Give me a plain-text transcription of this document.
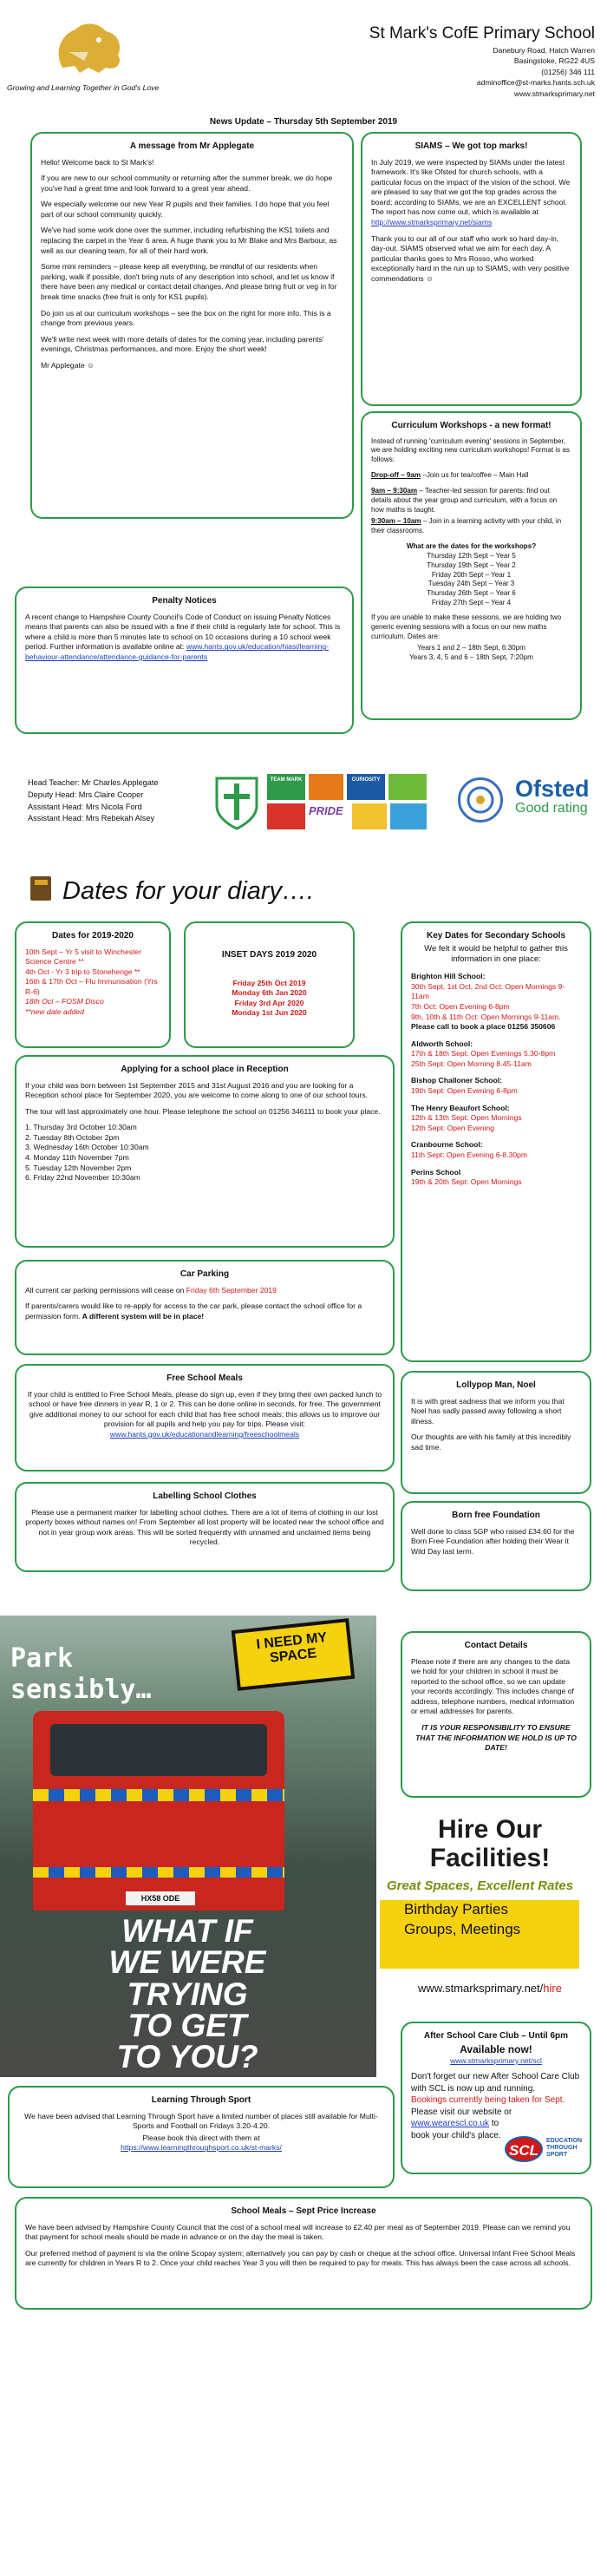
Growing and Learning Together in God's Love
St Mark's CofE Primary School
Danebury Road, Hatch Warren
Basingstoke, RG22 4US
(01256) 346 111
adminoffice@st-marks.hants.sch.uk
www.stmarksprimary.net
News Update – Thursday 5th September 2019
A message from Mr Applegate

Hello! Welcome back to St Mark's!

If you are new to our school community or returning after the summer break, we do hope you've had a great time and look forward to a great year ahead.

We especially welcome our new Year R pupils and their families. I do hope that you feel part of our school community quickly.

We've had some work done over the summer, including refurbishing the KS1 toilets and replacing the carpet in the Year 6 area. A huge thank you to Mr Blake and Mrs Barbour, as well as our cleaning team, for all of their hard work.

Some mini reminders – please keep all everything, be mindful of our residents when parking, walk if possible, don't bring nuts of any description into school, and let us know if there have been any medical or contact detail changes. And please bring fruit or veg in for break time snacks (free fruit is only for KS1 pupils).

Do join us at our curriculum workshops – see the box on the right for more info. This is a change from previous years.

We'll write next week with more details of dates for the coming year, including parents' evenings, Christmas performances, and more. Enjoy the short week!

Mr Applegate ☺

SIAMS – We got top marks!

In July 2019, we were inspected by SIAMs under the latest framework. It's like Ofsted for church schools, with a particular focus on the impact of the vision of the school. We are pleased to say that we got the top grades across the board; according to SIAMs, we are an EXCELLENT school. The report has now come out, which is available at http://www.stmarksprimary.net/siams

Thank you to our all of our staff who work so hard day-in, day-out. SIAMS observed what we aim for each day. A particular thanks goes to Mrs Rosso, who worked exceptionally hard in the run up to SIAMS, with very positive commendations ☺

Curriculum Workshops - a new format!

Instead of running 'curriculum evening' sessions in September, we are holding exciting new curriculum workshops! Format is as follows:

Drop-off – 9am –Join us for tea/coffee – Main Hall

9am – 9:30am – Teacher-led session for parents: find out details about the year group and curriculum, with a focus on how maths is taught.

9:30am – 10am – Join in a learning activity with your child, in their classrooms.

What are the dates for the workshops?
Thursday 12th Sept – Year 5
Thursday 19th Sept – Year 2
Friday 20th Sept – Year 1
Tuesday 24th Sept – Year 3
Thursday 26th Sept – Year 6
Friday 27th Sept – Year 4

If you are unable to make these sessions, we are holding two generic evening sessions with a focus on our new maths curriculum. Dates are:

Years 1 and 2 – 18th Sept, 6:30pm
Years 3, 4, 5 and 6 – 18th Sept, 7:20pm
Penalty Notices

A recent change to Hampshire County Council's Code of Conduct on issuing Penalty Notices means that parents can also be issued with a fine if their child is regularly late for school. This is where a child is more than 5 minutes late to school on 10 occasions during a 10 school week period. Further information is available online at: www.hants.gov.uk/education/hiasi/learning-behaviour-attendance/attendance-guidance-for-parents

Head Teacher: Mr Charles Applegate
Deputy Head: Mrs Claire Cooper
Assistant Head: Mrs Nicola Ford
Assistant Head: Mrs Rebekah Alsey
TEAM MARK	CURIOSITY
PRIDE
Ofsted
Good rating
Dates for your diary….
Dates for 2019-2020
10th Sept – Yr 5 visit to Winchester Science Centre **
4th Oct - Yr 3 trip to Stonehenge **
16th & 17th Oct – Flu Immunisation (Yrs R-6)
18th Oct – FOSM Disco
**new date added
INSET DAYS 2019 2020
Friday 25th Oct 2019
Monday 6th Jan 2020
Friday 3rd Apr 2020
Monday 1st Jun 2020
Key Dates for Secondary Schools

We felt it would be helpful to gather this information in one place:

Brighton Hill School:
30th Sept, 1st Oct, 2nd Oct: Open Mornings 9-11am
7th Oct: Open Evening 6-8pm
9th, 10th & 11th Oct: Open Mornings 9-11am.
Please call to book a place 01256 350606
Aldworth School:
17th & 18th Sept: Open Evenings 5.30-8pm
25th Sept: Open Morning 8.45-11am
Bishop Challoner School:
19th Sept: Open Evening 6-8pm
The Henry Beaufort School:
12th & 13th Sept: Open Mornings
12th Sept: Open Evening
Cranbourne School:
11th Sept: Open Evening 6-8.30pm
Perins School
19th & 20th Sept: Open Mornings
Applying for a school place in Reception

If your child was born between 1st September 2015 and 31st August 2016 and you are looking for a Reception school place for September 2020, you are welcome to come along to one of our school tours.

The tour will last approximately one hour. Please telephone the school on 01256 346111 to book your place.

1. Thursday 3rd October 10:30am
2. Tuesday 8th October 2pm
3. Wednesday 16th October 10:30am
4. Monday 11th November 7pm
5. Tuesday 12th November 2pm
6. Friday 22nd November 10:30am
Car Parking

All current car parking permissions will cease on Friday 6th September 2019

If parents/carers would like to re-apply for access to the car park, please contact the school office for a permission form. A different system will be in place!

Lollypop Man, Noel

It is with great sadness that we inform you that Noel has sadly passed away following a short illness.

Our thoughts are with his family at this incredibly sad time.

Free School Meals

If your child is entitled to Free School Meals, please do sign up, even if they bring their own packed lunch to school or have free dinners in year R, 1 or 2. This can be done online in seconds, for free. The government give additional money to our school for each child that has free school meals; this allows us to improve our provision for all pupils and help you pay for trips. Please visit: www.hants.gov.uk/educationandlearning/freeschoolmeals

Born free Foundation

Well done to class 5GP who raised £34.60 for the Born Free Foundation after holding their Wear it Wild Day last term.

Labelling School Clothes

Please use a permanent marker for labelling school clothes. There are a lot of items of clothing in our lost property boxes without names on! From September all lost property will be located near the school office and not in year group work areas. This will be sorted frequently with unnamed and unclaimed items being recycled.

HX58 ODE
Park
sensibly…
I NEED MY SPACE
WHAT IF
WE WERE
TRYING
TO GET
TO YOU?
Contact Details

Please note if there are any changes to the data we hold for your children in school it must be reported to the school office, so we can update your records accordingly. This includes change of address, telephone numbers, medical information or email addresses for parents.

IT IS YOUR RESPONSIBILITY TO ENSURE THAT THE INFORMATION WE HOLD IS UP TO DATE!

Hire Our Facilities!
Great Spaces, Excellent Rates
Birthday Parties
Groups, Meetings
www.stmarksprimary.net/hire
After School Care Club – Until 6pm
Available now!
www.stmarksprimary.net/scl
Don't forget our new After School Care Club with SCL is now up and running.
Bookings currently being taken for Sept.
Please visit our website or
www.wearescl.co.uk to book your child's place.
SCL
EDUCATION
THROUGH
SPORT
Learning Through Sport

We have been advised that Learning Through Sport have a limited number of places still available for Multi-Sports and Football on Fridays 3.20-4.20.

Please book this direct with them at
https://www.learningthroughsport.co.uk/st-marks/
School Meals – Sept Price Increase

We have been advised by Hampshire County Council that the cost of a school meal will increase to £2.40 per meal as of September 2019. Please can we remind you that payment for school meals should be made in advance or on the day the meal is taken.

Our preferred method of payment is via the online Scopay system; alternatively you can pay by cash or cheque at the school office. Universal Infant Free School Meals are currently for children in Years R to 2. Once your child reaches Year 3 you will then be required to pay for meals. This has always been the case across all schools.
